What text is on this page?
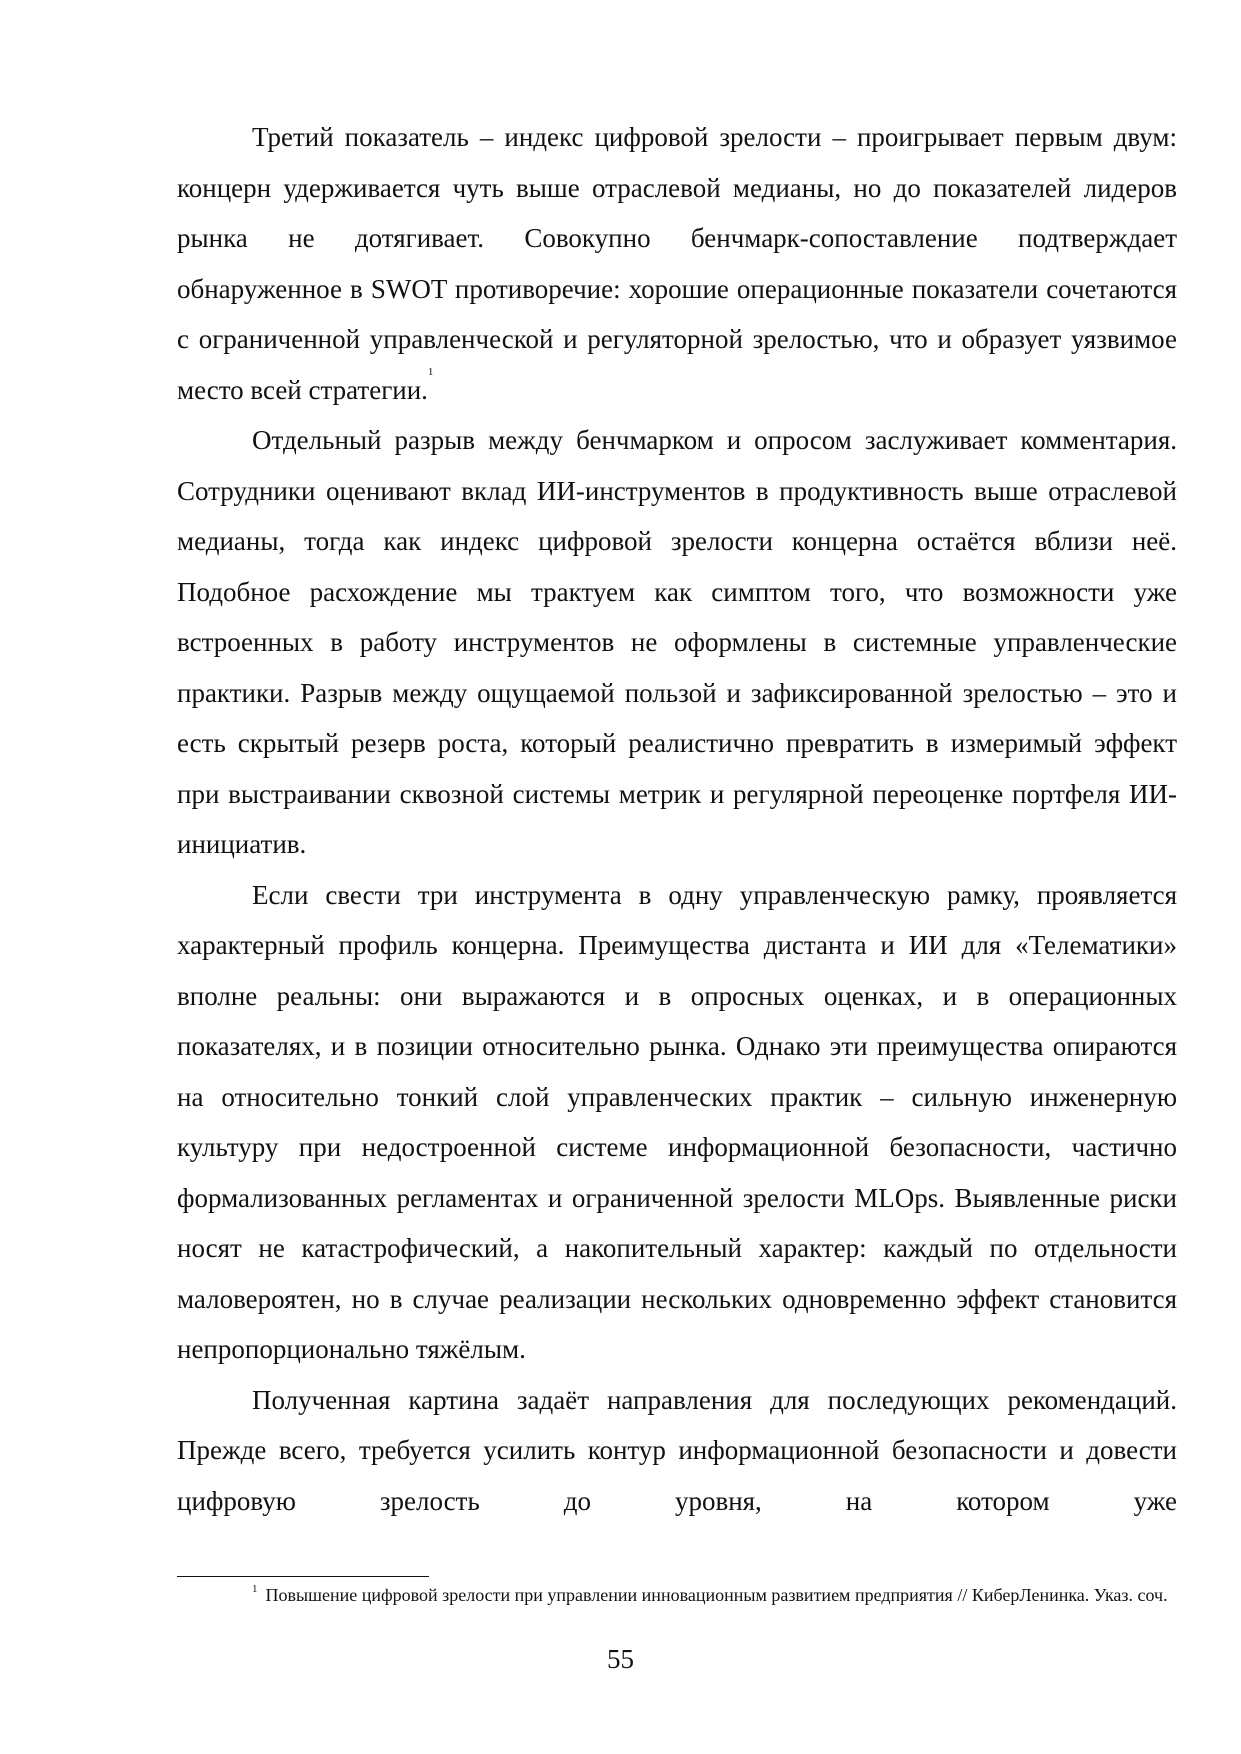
Третий показатель – индекс цифровой зрелости – проигрывает первым двум: концерн удерживается чуть выше отраслевой медианы, но до показателей лидеров рынка не дотягивает. Совокупно бенчмарк-сопоставление подтверждает обнаруженное в SWOT противоречие: хорошие операционные показатели сочетаются с ограниченной управленческой и регуляторной зрелостью, что и образует уязвимое место всей стратегии.$^1$

Отдельный разрыв между бенчмарком и опросом заслуживает комментария. Сотрудники оценивают вклад ИИ-инструментов в продуктивность выше отраслевой медианы, тогда как индекс цифровой зрелости концерна остаётся вблизи неё. Подобное расхождение мы трактуем как симптом того, что возможности уже встроенных в работу инструментов не оформлены в системные управленческие практики. Разрыв между ощущаемой пользой и зафиксированной зрелостью – это и есть скрытый резерв роста, который реалистично превратить в измеримый эффект при выстраивании сквозной системы метрик и регулярной переоценке портфеля ИИ-инициатив.

Если свести три инструмента в одну управленческую рамку, проявляется характерный профиль концерна. Преимущества дистанта и ИИ для «Телематики» вполне реальны: они выражаются и в опросных оценках, и в операционных показателях, и в позиции относительно рынка. Однако эти преимущества опираются на относительно тонкий слой управленческих практик – сильную инженерную культуру при недостроенной системе информационной безопасности, частично формализованных регламентах и ограниченной зрелости MLOps. Выявленные риски носят не катастрофический, а накопительный характер: каждый по отдельности маловероятен, но в случае реализации нескольких одновременно эффект становится непропорционально тяжёлым.

Полученная картина задаёт направления для последующих рекомендаций. Прежде всего, требуется усилить контур информационной безопасности и довести цифровую зрелость до уровня, на котором уже

$^1$ Повышение цифровой зрелости при управлении инновационным развитием предприятия // КиберЛенинка. Указ. соч.

55
